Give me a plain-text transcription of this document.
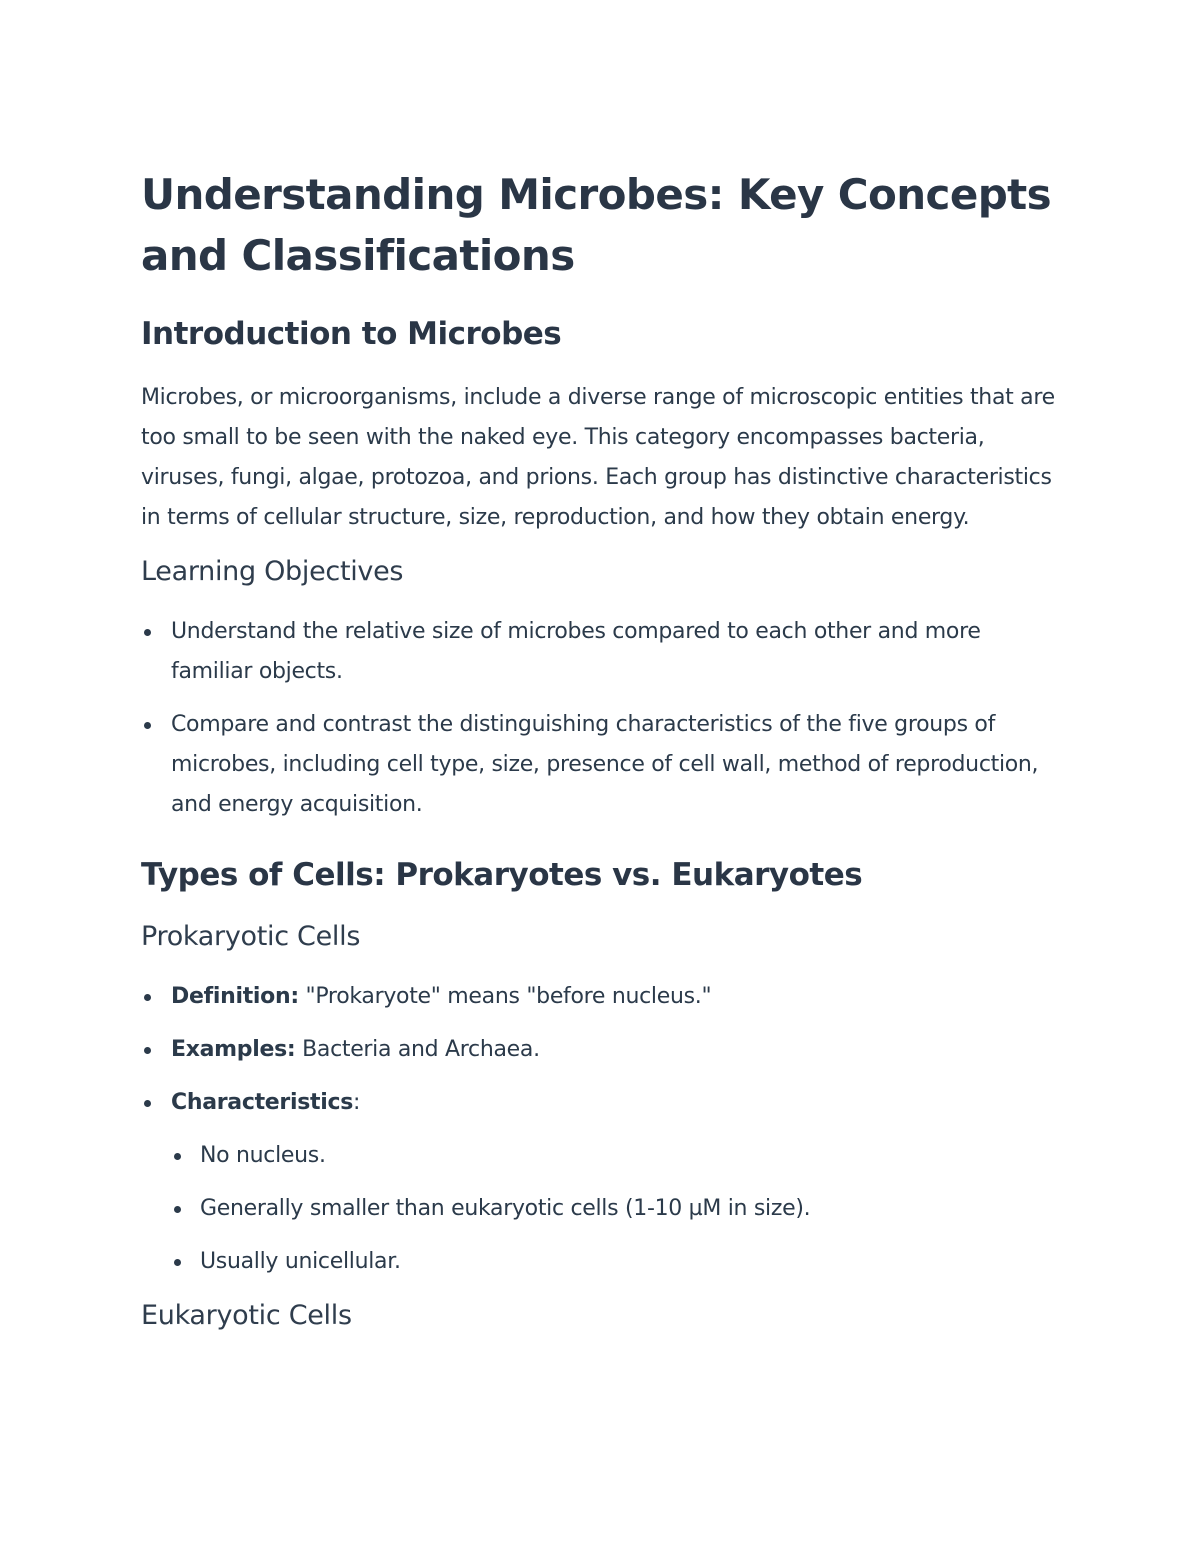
Understanding Microbes: Key Concepts and Classifications
Introduction to Microbes

Microbes, or microorganisms, include a diverse range of microscopic entities that are too small to be seen with the naked eye. This category encompasses bacteria, viruses, fungi, algae, protozoa, and prions. Each group has distinctive characteristics in terms of cellular structure, size, reproduction, and how they obtain energy.

Learning Objectives
Understand the relative size of microbes compared to each other and more familiar objects.
Compare and contrast the distinguishing characteristics of the five groups of microbes, including cell type, size, presence of cell wall, method of reproduction, and energy acquisition.
Types of Cells: Prokaryotes vs. Eukaryotes
Prokaryotic Cells
Definition: "Prokaryote" means "before nucleus."
Examples: Bacteria and Archaea.
Characteristics:
No nucleus.
Generally smaller than eukaryotic cells (1-10 µM in size).
Usually unicellular.
Eukaryotic Cells
